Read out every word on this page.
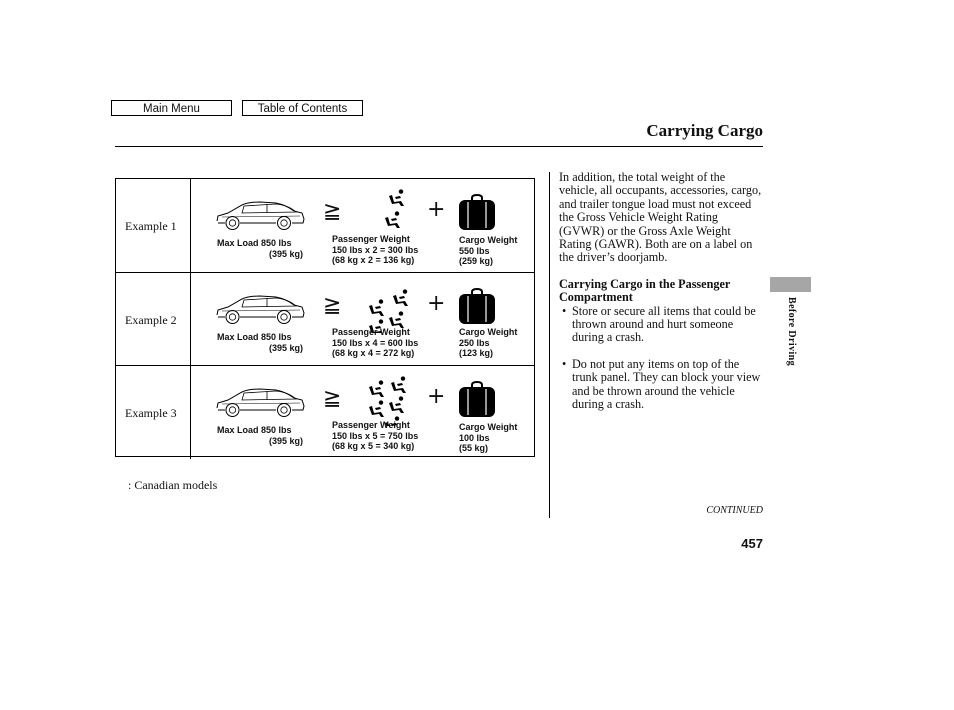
Main Menu	Table of Contents
Carrying Cargo
Example 1
Max Load 850 lbs
(395 kg)
≧	+
Passenger Weight
150 lbs x 2 = 300 lbs
(68 kg x 2 = 136 kg)
Cargo Weight
550 lbs
(259 kg)
Example 2
Max Load 850 lbs
(395 kg)
≧	+
Passenger Weight
150 lbs x 4 = 600 lbs
(68 kg x 4 = 272 kg)
Cargo Weight
250 lbs
(123 kg)
Example 3
Max Load 850 lbs
(395 kg)
≧	+
Passenger Weight
150 lbs x 5 = 750 lbs
(68 kg x 5 = 340 kg)
Cargo Weight
100 lbs
(55 kg)
: Canadian models

In addition, the total weight of the vehicle, all occupants, accessories, cargo, and trailer tongue load must not exceed the Gross Vehicle Weight Rating (GVWR) or the Gross Axle Weight Rating (GAWR). Both are on a label on the driver’s doorjamb.

Carrying Cargo in the Passenger Compartment

• Store or secure all items that could be thrown around and hurt someone during a crash.
• Do not put any items on top of the trunk panel. They can block your view and be thrown around the vehicle during a crash.
CONTINUED
457
Before Driving
